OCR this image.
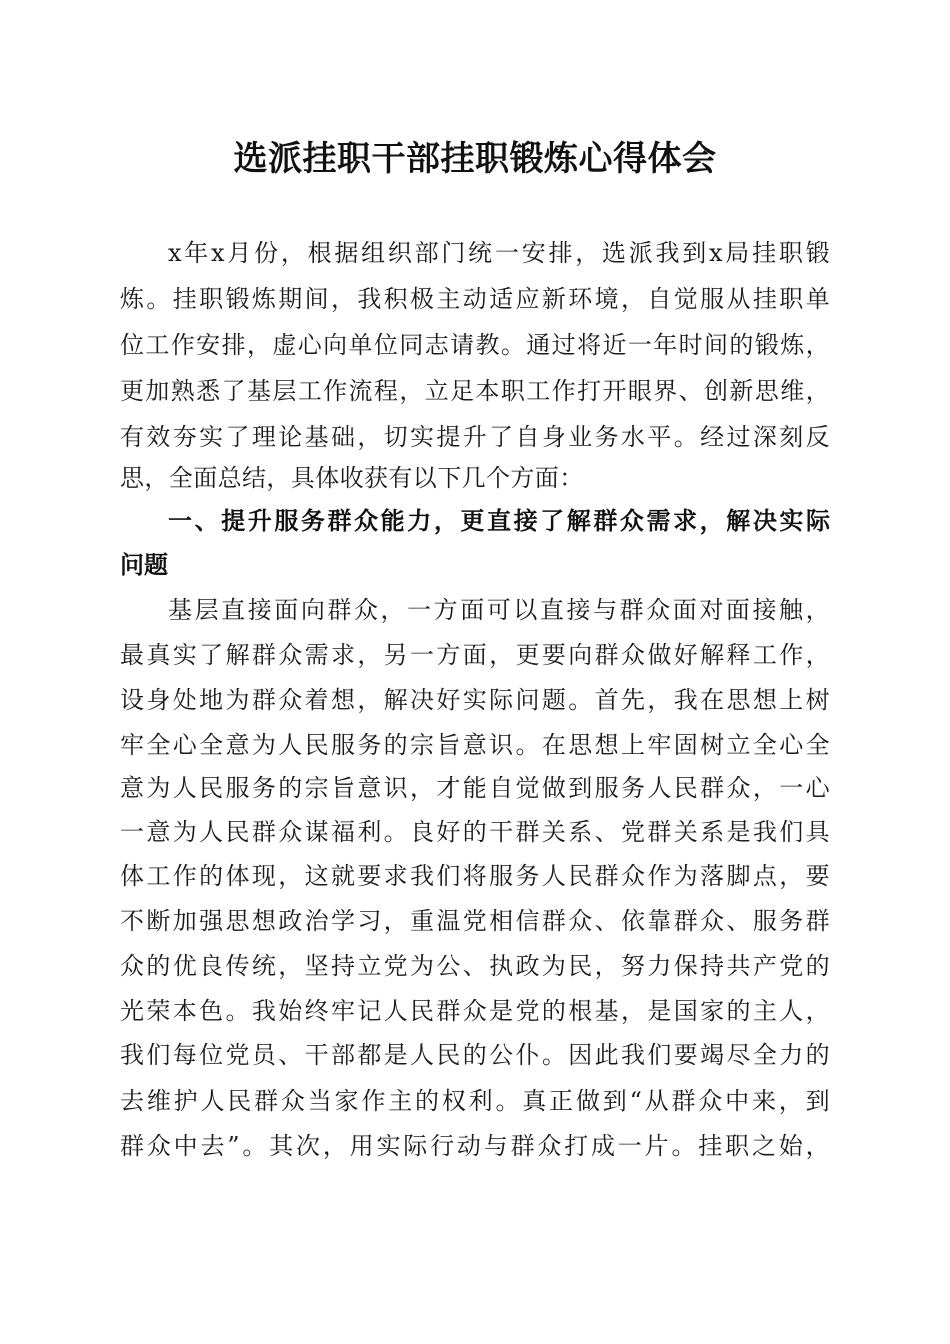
选派挂职干部挂职锻炼心得体会
x年x月份，根据组织部门统一安排，选派我到x局挂职锻
炼。挂职锻炼期间，我积极主动适应新环境，自觉服从挂职单
位工作安排，虚心向单位同志请教。通过将近一年时间的锻炼，
更加熟悉了基层工作流程，立足本职工作打开眼界、创新思维，
有效夯实了理论基础，切实提升了自身业务水平。经过深刻反
思，全面总结，具体收获有以下几个方面：
一、提升服务群众能力，更直接了解群众需求，解决实际
问题
基层直接面向群众，一方面可以直接与群众面对面接触，
最真实了解群众需求，另一方面，更要向群众做好解释工作，
设身处地为群众着想，解决好实际问题。首先，我在思想上树
牢全心全意为人民服务的宗旨意识。在思想上牢固树立全心全
意为人民服务的宗旨意识，才能自觉做到服务人民群众，一心
一意为人民群众谋福利。良好的干群关系、党群关系是我们具
体工作的体现，这就要求我们将服务人民群众作为落脚点，要
不断加强思想政治学习，重温党相信群众、依靠群众、服务群
众的优良传统，坚持立党为公、执政为民，努力保持共产党的
光荣本色。我始终牢记人民群众是党的根基，是国家的主人，
我们每位党员、干部都是人民的公仆。因此我们要竭尽全力的
去维护人民群众当家作主的权利。真正做到“从群众中来，到
群众中去”。其次，用实际行动与群众打成一片。挂职之始，
